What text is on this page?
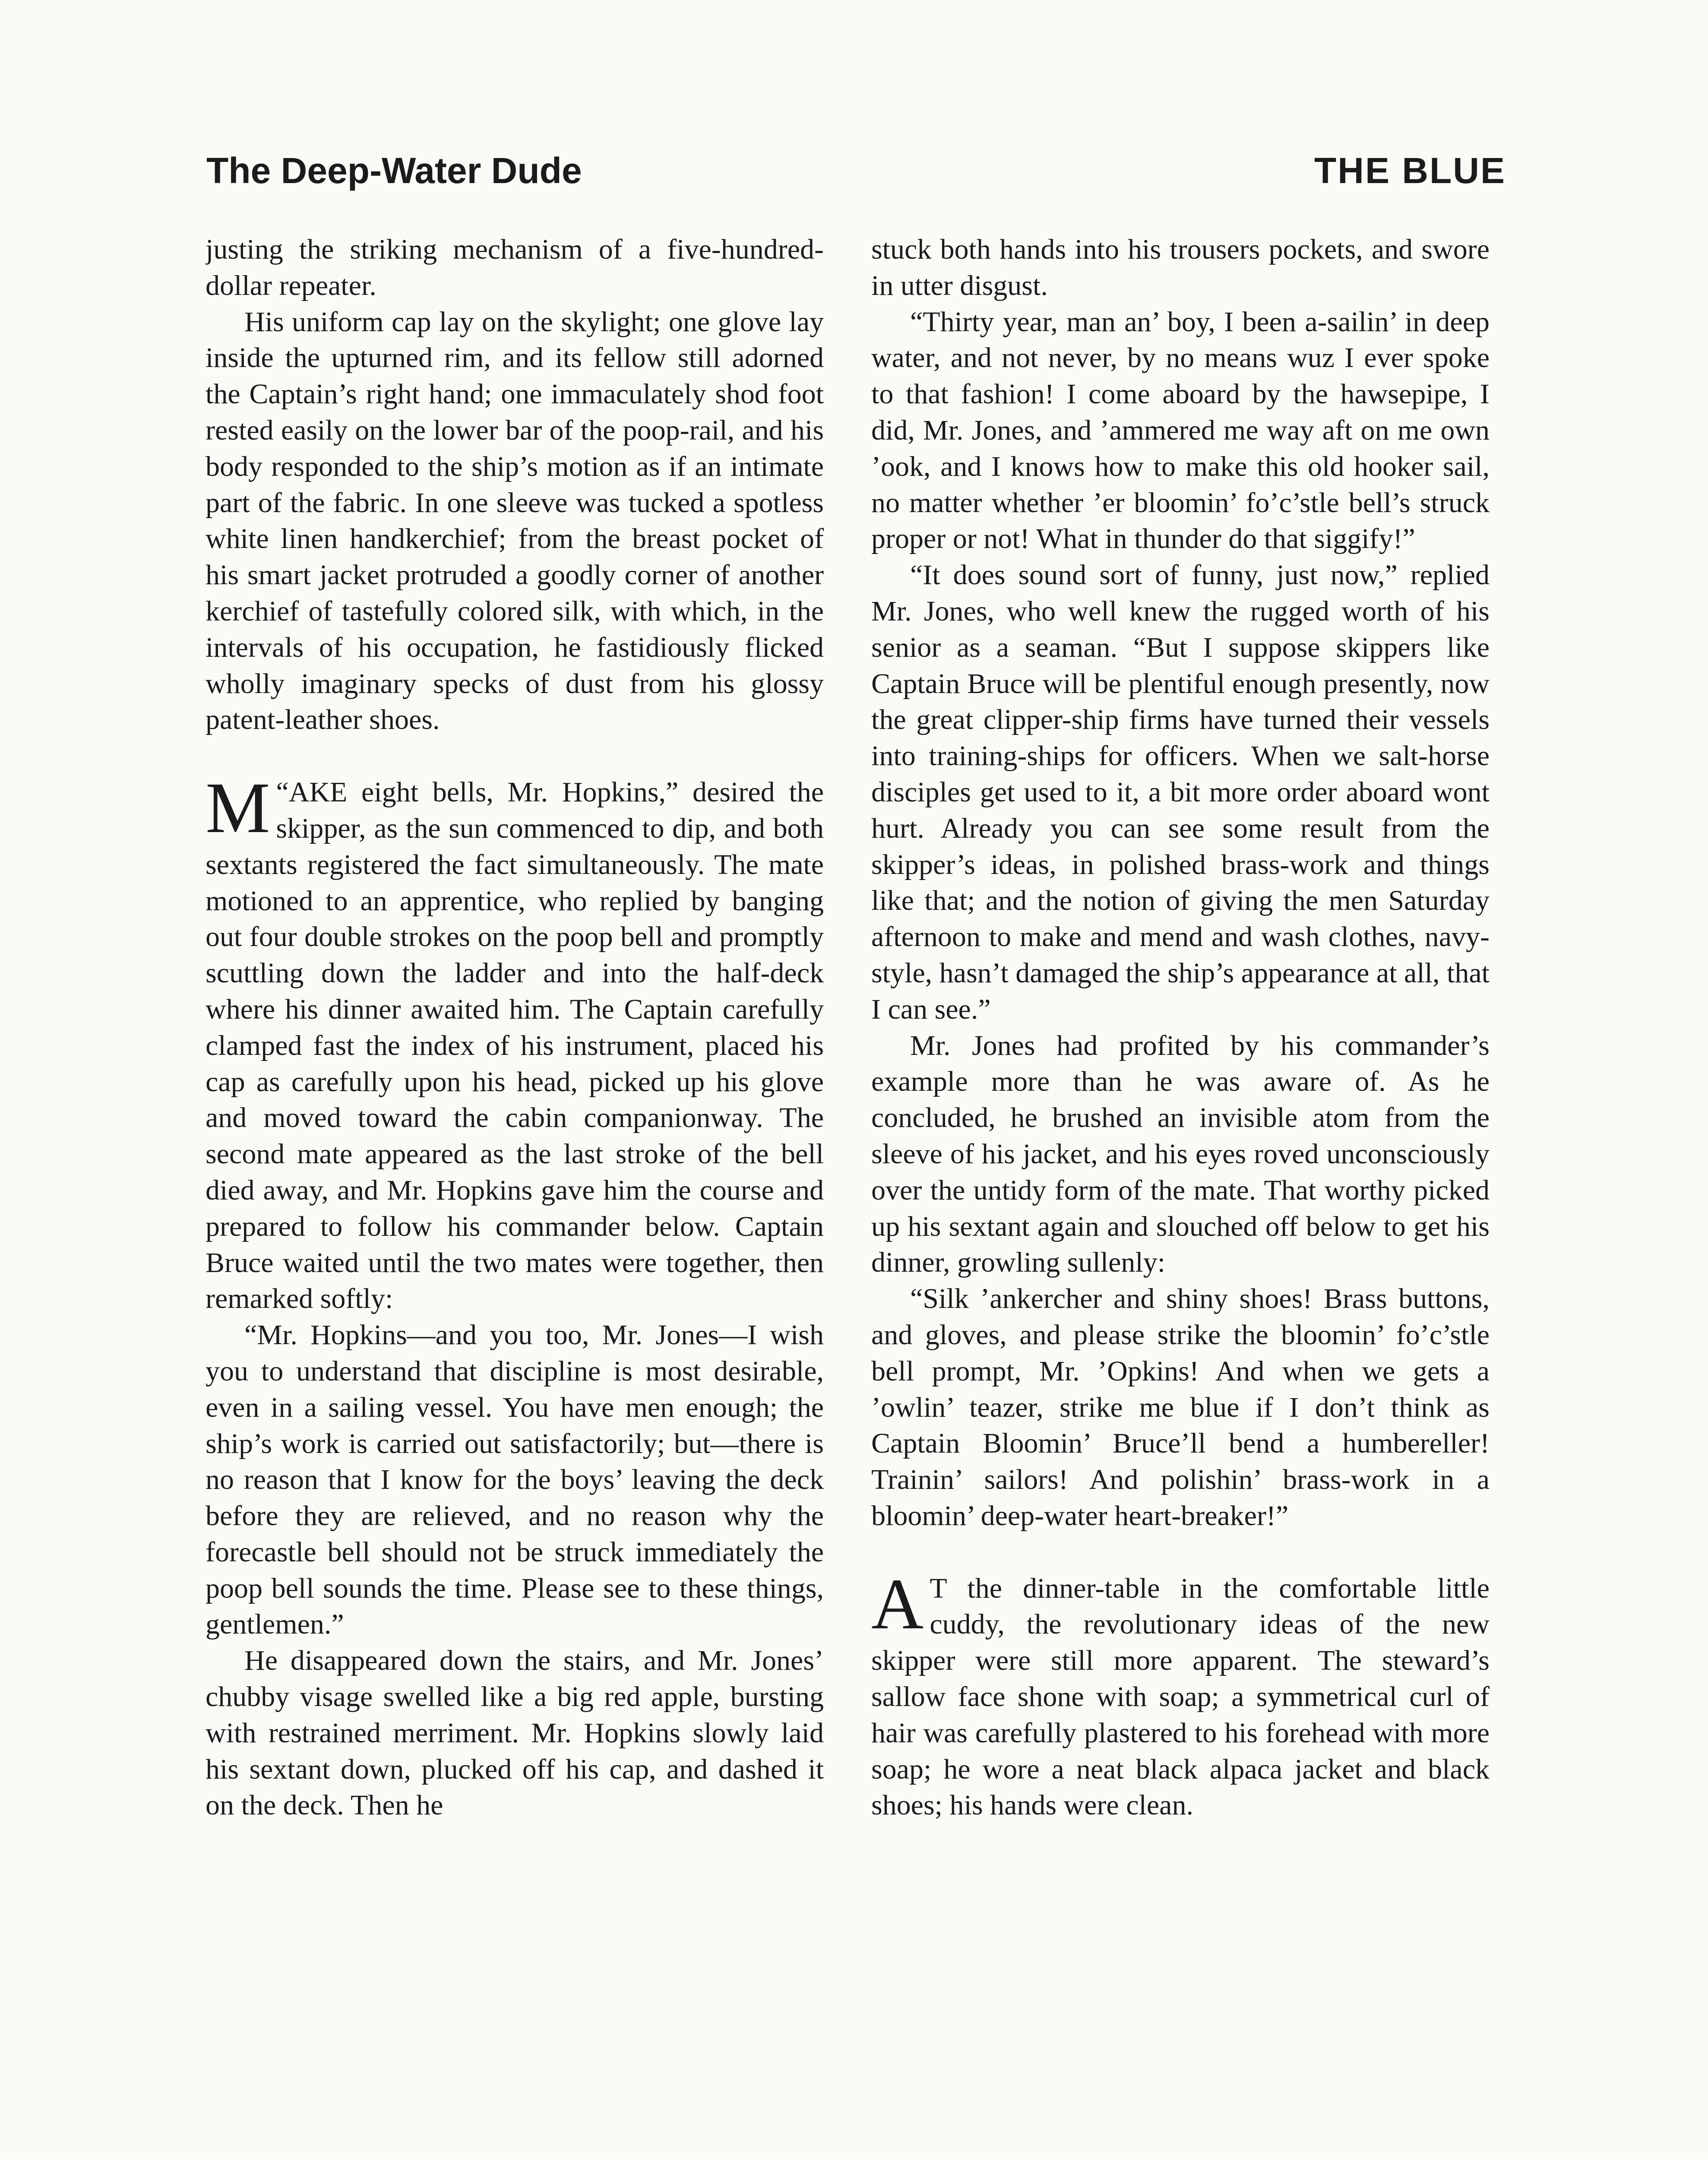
The Deep-Water Dude	THE BLUE

justing the striking mechanism of a five-hundred-dollar repeater.

His uniform cap lay on the skylight; one glove lay inside the upturned rim, and its fellow still adorned the Captain’s right hand; one immaculately shod foot rested easily on the lower bar of the poop-rail, and his body responded to the ship’s motion as if an intimate part of the fabric. In one sleeve was tucked a spotless white linen handkerchief; from the breast pocket of his smart jacket protruded a goodly corner of another kerchief of tastefully colored silk, with which, in the intervals of his occupation, he fastidiously flicked wholly imaginary specks of dust from his glossy patent-leather shoes.

“
M AKE eight bells, Mr. Hopkins,” desired the skipper, as the sun commenced to dip, and both sextants registered the fact simultaneously. The mate motioned to an apprentice, who replied by banging out four double strokes on the poop bell and promptly scuttling down the ladder and into the half-deck where his dinner awaited him. The Captain carefully clamped fast the index of his instrument, placed his cap as carefully upon his head, picked up his glove and moved toward the cabin companionway. The second mate appeared as the last stroke of the bell died away, and Mr. Hopkins gave him the course and prepared to follow his commander below. Captain Bruce waited until the two mates were together, then remarked softly:

“Mr. Hopkins—and you too, Mr. Jones—I wish you to understand that discipline is most desirable, even in a sailing vessel. You have men enough; the ship’s work is carried out satisfactorily; but—there is no reason that I know for the boys’ leaving the deck before they are relieved, and no reason why the forecastle bell should not be struck immediately the poop bell sounds the time. Please see to these things, gentlemen.”

He disappeared down the stairs, and Mr. Jones’ chubby visage swelled like a big red apple, bursting with restrained merriment. Mr. Hopkins slowly laid his sextant down, plucked off his cap, and dashed it on the deck. Then he

stuck both hands into his trousers pockets, and swore in utter disgust.

“Thirty year, man an’ boy, I been a-sailin’ in deep water, and not never, by no means wuz I ever spoke to that fashion! I come aboard by the hawsepipe, I did, Mr. Jones, and ’ammered me way aft on me own ’ook, and I knows how to make this old hooker sail, no matter whether ’er bloomin’ fo’c’stle bell’s struck proper or not! What in thunder do that siggify!”

“It does sound sort of funny, just now,” replied Mr. Jones, who well knew the rugged worth of his senior as a seaman. “But I suppose skippers like Captain Bruce will be plentiful enough presently, now the great clipper-ship firms have turned their vessels into training-ships for officers. When we salt-horse disciples get used to it, a bit more order aboard wont hurt. Already you can see some result from the skipper’s ideas, in polished brass-work and things like that; and the notion of giving the men Saturday afternoon to make and mend and wash clothes, navy-style, hasn’t damaged the ship’s appearance at all, that I can see.”

Mr. Jones had profited by his commander’s example more than he was aware of. As he concluded, he brushed an invisible atom from the sleeve of his jacket, and his eyes roved unconsciously over the untidy form of the mate. That worthy picked up his sextant again and slouched off below to get his dinner, growling sullenly:

“Silk ’ankercher and shiny shoes! Brass buttons, and gloves, and please strike the bloomin’ fo’c’stle bell prompt, Mr. ’Opkins! And when we gets a ’owlin’ teazer, strike me blue if I don’t think as Captain Bloomin’ Bruce’ll bend a humbereller! Trainin’ sailors! And polishin’ brass-work in a bloomin’ deep-water heart-breaker!”

A T the dinner-table in the comfortable little cuddy, the revolutionary ideas of the new skipper were still more apparent. The steward’s sallow face shone with soap; a symmetrical curl of hair was carefully plastered to his forehead with more soap; he wore a neat black alpaca jacket and black shoes; his hands were clean.
